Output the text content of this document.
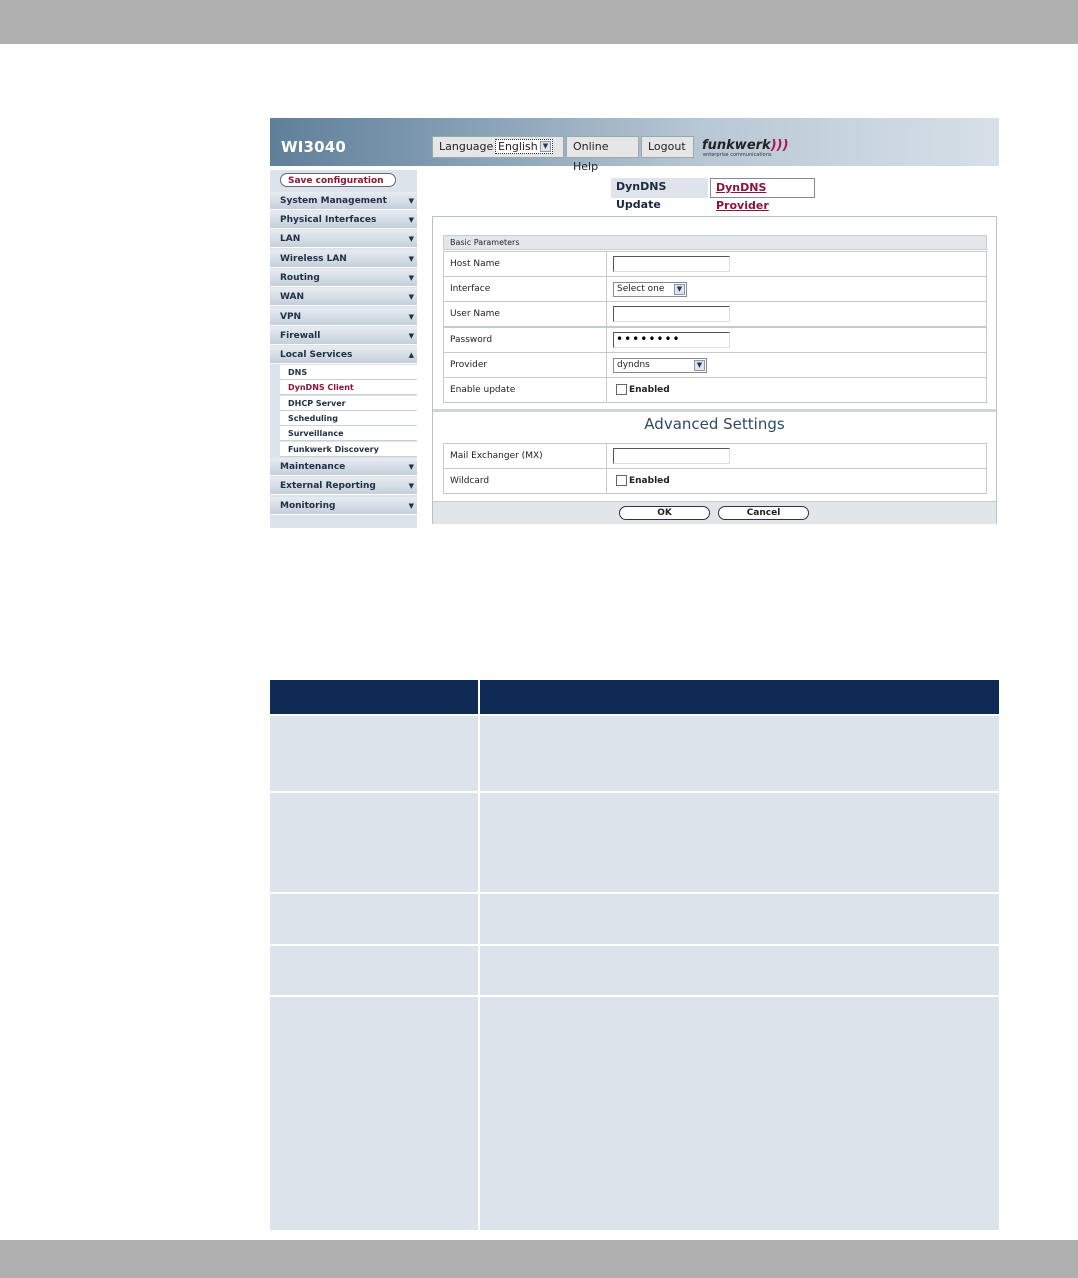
WI3040	Language English ▼	Online Help
Logout	funkwerk)))
enterprise communications
Save configuration
System Management	▼
Physical Interfaces	▼
LAN	▼
Wireless LAN	▼
Routing	▼
WAN	▼
VPN	▼
Firewall	▼
Local Services	▲
DNS
DynDNS Client
DHCP Server
Scheduling
Surveillance
Funkwerk Discovery
Maintenance	▼
External Reporting	▼
Monitoring	▼
DynDNS Update
DynDNS Provider
Basic Parameters
Host Name
Interface	Select one	▼
User Name
Password	••••••••
Provider	dyndns	▼
Enable update	Enabled
Advanced Settings
Mail Exchanger (MX)
Wildcard	Enabled
OK	Cancel
